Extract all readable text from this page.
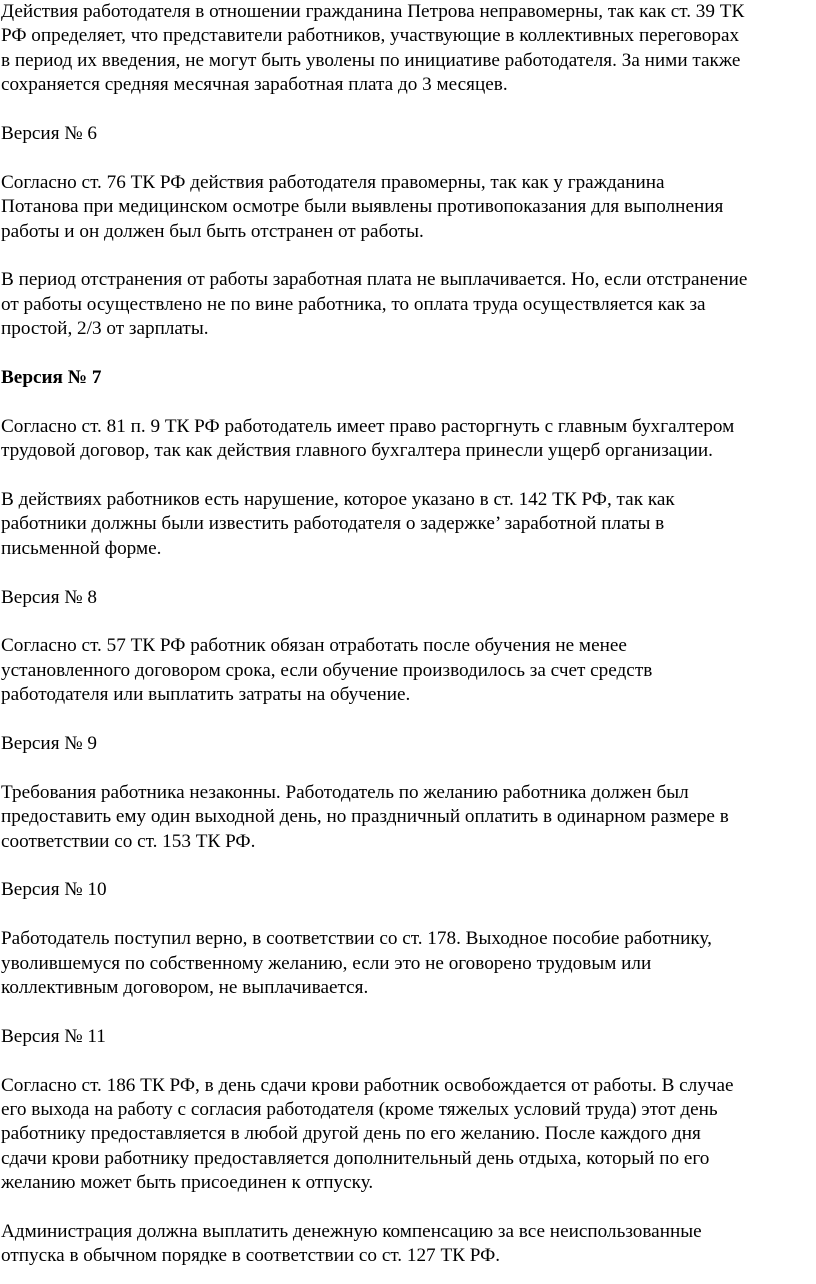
Действия работодателя в отношении гражданина Петрова неправомерны, так как ст. 39 ТК
РФ определяет, что представители работников, участвующие в коллективных переговорах
в период их введения, не могут быть уволены по инициативе работодателя. За ними также
сохраняется средняя месячная заработная плата до 3 месяцев.

Версия № 6

Согласно ст. 76 ТК РФ действия работодателя правомерны, так как у гражданина
Потанова при медицинском осмотре были выявлены противопоказания для выполнения
работы и он должен был быть отстранен от работы.

В период отстранения от работы заработная плата не выплачивается. Но, если отстранение
от работы осуществлено не по вине работника, то оплата труда осуществляется как за
простой, 2/3 от зарплаты.

Версия № 7

Согласно ст. 81 п. 9 ТК РФ работодатель имеет право расторгнуть с главным бухгалтером
трудовой договор, так как действия главного бухгалтера принесли ущерб организации.

В действиях работников есть нарушение, которое указано в ст. 142 ТК РФ, так как
работники должны были известить работодателя о задержке’ заработной платы в
письменной форме.

Версия № 8

Согласно ст. 57 ТК РФ работник обязан отработать после обучения не менее
установленного договором срока, если обучение производилось за счет средств
работодателя или выплатить затраты на обучение.

Версия № 9

Требования работника незаконны. Работодатель по желанию работника должен был
предоставить ему один выходной день, но праздничный оплатить в одинарном размере в
соответствии со ст. 153 ТК РФ.

Версия № 10

Работодатель поступил верно, в соответствии со ст. 178. Выходное пособие работнику,
уволившемуся по собственному желанию, если это не оговорено трудовым или
коллективным договором, не выплачивается.

Версия № 11

Согласно ст. 186 ТК РФ, в день сдачи крови работник освобождается от работы. В случае
его выхода на работу с согласия работодателя (кроме тяжелых условий труда) этот день
работнику предоставляется в любой другой день по его желанию. После каждого дня
сдачи крови работнику предоставляется дополнительный день отдыха, который по его
желанию может быть присоединен к отпуску.

Администрация должна выплатить денежную компенсацию за все неиспользованные
отпуска в обычном порядке в соответствии со ст. 127 ТК РФ.
